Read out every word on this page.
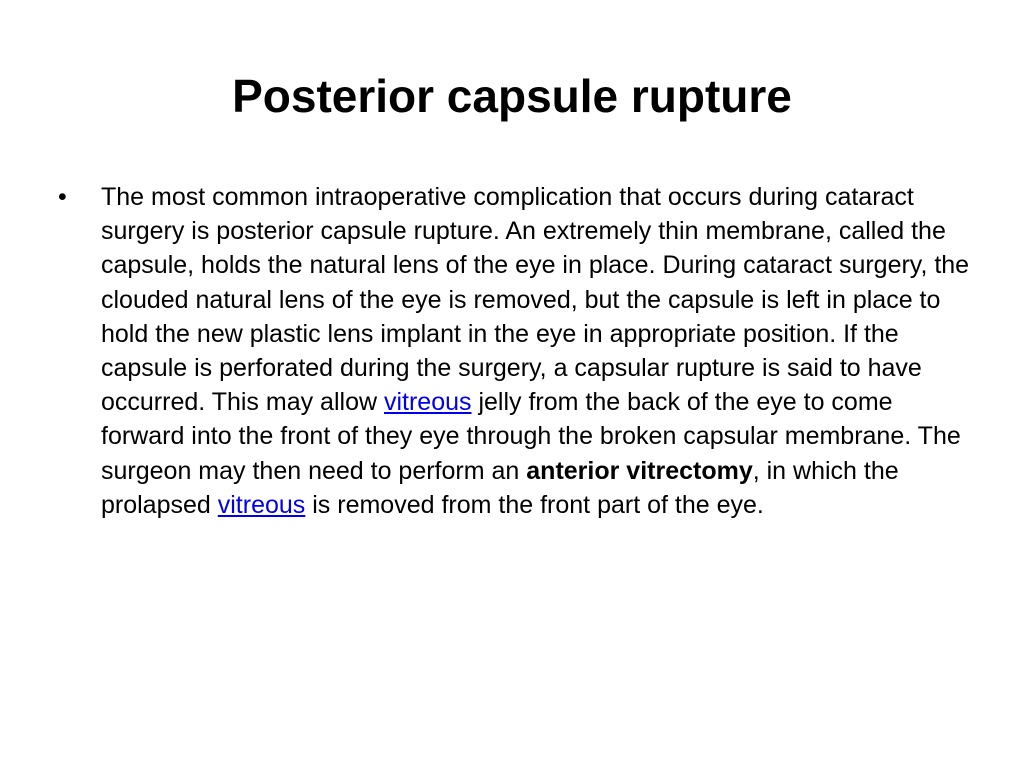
Posterior capsule rupture
• The most common intraoperative complication that occurs during cataract surgery is posterior capsule rupture. An extremely thin membrane, called the capsule, holds the natural lens of the eye in place. During cataract surgery, the clouded natural lens of the eye is removed, but the capsule is left in place to hold the new plastic lens implant in the eye in appropriate position. If the capsule is perforated during the surgery, a capsular rupture is said to have occurred. This may allow vitreous jelly from the back of the eye to come forward into the front of they eye through the broken capsular membrane. The surgeon may then need to perform an anterior vitrectomy, in which the prolapsed vitreous is removed from the front part of the eye.
